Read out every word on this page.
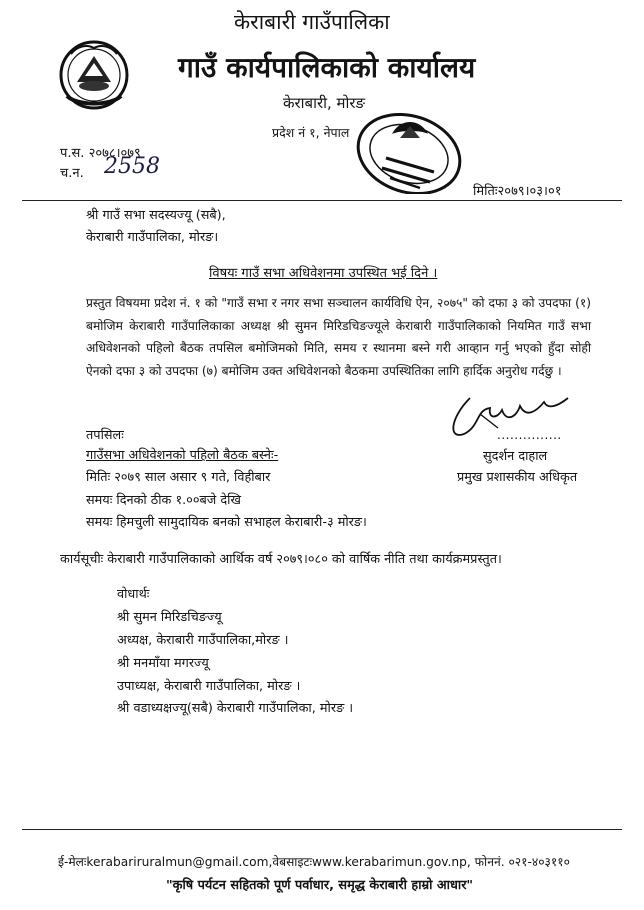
केराबारी गाउँपालिका
गाउँ कार्यपालिकाको कार्यालय
केराबारी, मोरङ
प्रदेश नं १, नेपाल
प.स. २०७८।०७९
च.न. 2558
मितिः२०७९।०३।०१
श्री गाउँ सभा सदस्यज्यू (सबै),
केराबारी गाउँपालिका, मोरङ।
विषयः गाउँ सभा अधिवेशनमा उपस्थित भई दिने ।
प्रस्तुत विषयमा प्रदेश नं. १ को "गाउँ सभा र नगर सभा सञ्चालन कार्यविधि ऐन, २०७५" को दफा ३ को उपदफा (१) बमोजिम केराबारी गाउँपालिकाका अध्यक्ष श्री सुमन मिरिडचिङज्यूले केराबारी गाउँपालिकाको नियमित गाउँ सभा अधिवेशनको पहिलो बैठक तपसिल बमोजिमको मिति, समय र स्थानमा बस्ने गरी आव्हान गर्नु भएको हुँदा सोही ऐनको दफा ३ को उपदफा (७) बमोजिम उक्त अधिवेशनको बैठकमा उपस्थितिका लागि हार्दिक अनुरोध गर्दछु ।
तपसिलः
गाउँसभा अधिवेशनको पहिलो बैठक बस्नेः-
मितिः २०७९ साल असार ९ गते, विहीबार
समयः दिनको ठीक १.००बजे देखि
समयः हिमचुली सामुदायिक बनको सभाहल केराबारी-३ मोरङ।
...............
सुदर्शन दाहाल
प्रमुख प्रशासकीय अधिकृत
कार्यसूचीः केराबारी गाउँपालिकाको आर्थिक वर्ष २०७९।०८० को वार्षिक नीति तथा कार्यक्रमप्रस्तुत।
वोधार्थः
श्री सुमन मिरिडचिङज्यू
अध्यक्ष, केराबारी गाउँपालिका,मोरङ ।
श्री मनमाँया मगरज्यू
उपाध्यक्ष, केराबारी गाउँपालिका, मोरङ ।
श्री वडाध्यक्षज्यू(सबै) केराबारी गाउँपालिका, मोरङ ।
ई-मेलःkerabariruralmun@gmail.com,वेबसाइटःwww.kerabarimun.gov.np, फोननं. ०२१-४०३११०
"कृषि पर्यटन सहितको पूर्ण पर्वाधार, समृद्ध केराबारी हाम्रो आधार"
